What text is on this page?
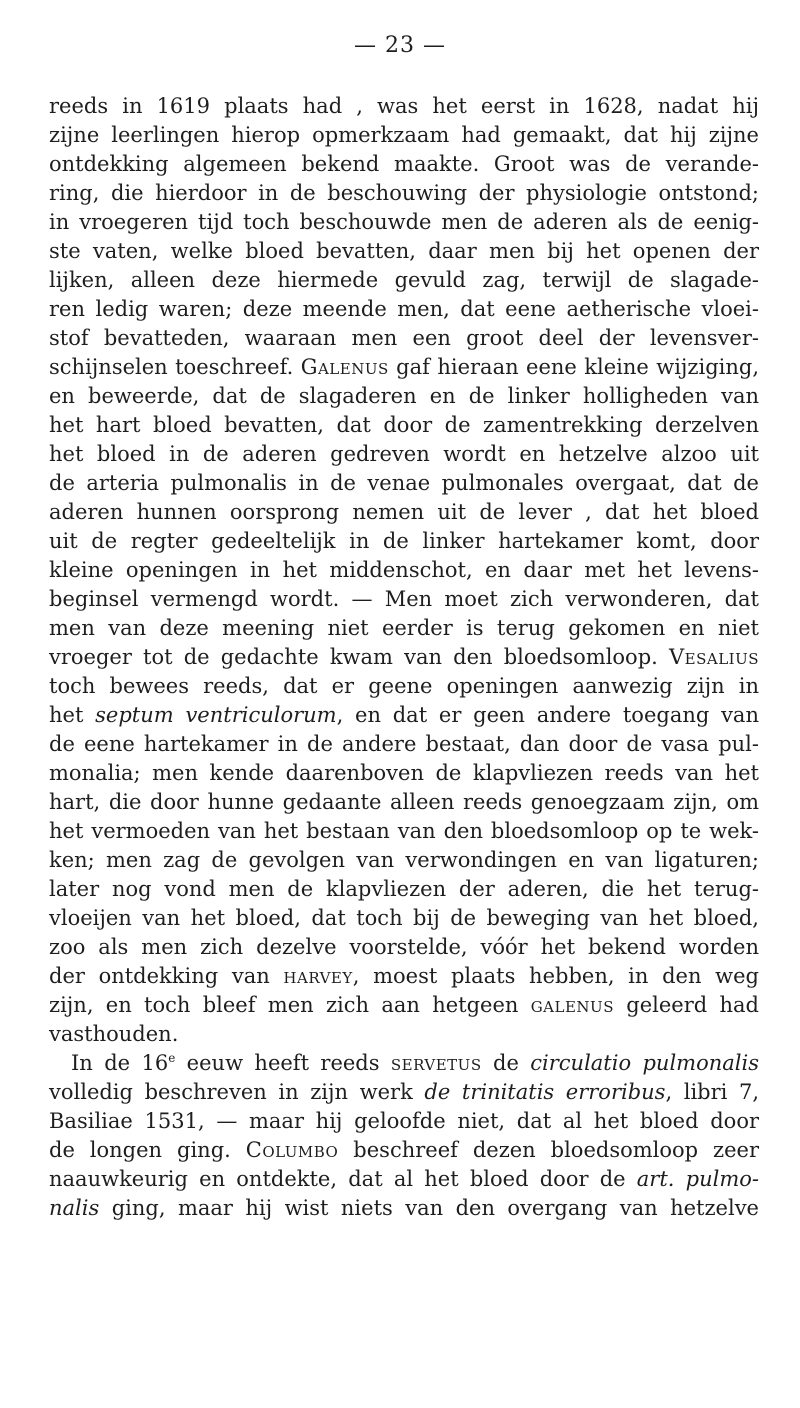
— 23 —
reeds in 1619 plaats had , was het eerst in 1628, nadat hij
zijne leerlingen hierop opmerkzaam had gemaakt, dat hij zijne
ontdekking algemeen bekend maakte. Groot was de verande-
ring, die hierdoor in de beschouwing der physiologie ontstond;
in vroegeren tijd toch beschouwde men de aderen als de eenig-
ste vaten, welke bloed bevatten, daar men bij het openen der
lijken, alleen deze hiermede gevuld zag, terwijl de slagade-
ren ledig waren; deze meende men, dat eene aetherische vloei-
stof bevatteden, waaraan men een groot deel der levensver-
schijnselen toeschreef. Galenus gaf hieraan eene kleine wijziging,
en beweerde, dat de slagaderen en de linker holligheden van
het hart bloed bevatten, dat door de zamentrekking derzelven
het bloed in de aderen gedreven wordt en hetzelve alzoo uit
de arteria pulmonalis in de venae pulmonales overgaat, dat de
aderen hunnen oorsprong nemen uit de lever , dat het bloed
uit de regter gedeeltelijk in de linker hartekamer komt, door
kleine openingen in het middenschot, en daar met het levens-
beginsel vermengd wordt. — Men moet zich verwonderen, dat
men van deze meening niet eerder is terug gekomen en niet
vroeger tot de gedachte kwam van den bloedsomloop. Vesalius
toch bewees reeds, dat er geene openingen aanwezig zijn in
het septum ventriculorum, en dat er geen andere toegang van
de eene hartekamer in de andere bestaat, dan door de vasa pul-
monalia; men kende daarenboven de klapvliezen reeds van het
hart, die door hunne gedaante alleen reeds genoegzaam zijn, om
het vermoeden van het bestaan van den bloedsomloop op te wek-
ken; men zag de gevolgen van verwondingen en van ligaturen;
later nog vond men de klapvliezen der aderen, die het terug-
vloeijen van het bloed, dat toch bij de beweging van het bloed,
zoo als men zich dezelve voorstelde, vóór het bekend worden
der ontdekking van harvey, moest plaats hebben, in den weg
zijn, en toch bleef men zich aan hetgeen galenus geleerd had
vasthouden.
In de 16e eeuw heeft reeds servetus de circulatio pulmonalis
volledig beschreven in zijn werk de trinitatis erroribus, libri 7,
Basiliae 1531, — maar hij geloofde niet, dat al het bloed door
de longen ging. Columbo beschreef dezen bloedsomloop zeer
naauwkeurig en ontdekte, dat al het bloed door de art. pulmo-
nalis ging, maar hij wist niets van den overgang van hetzelve
